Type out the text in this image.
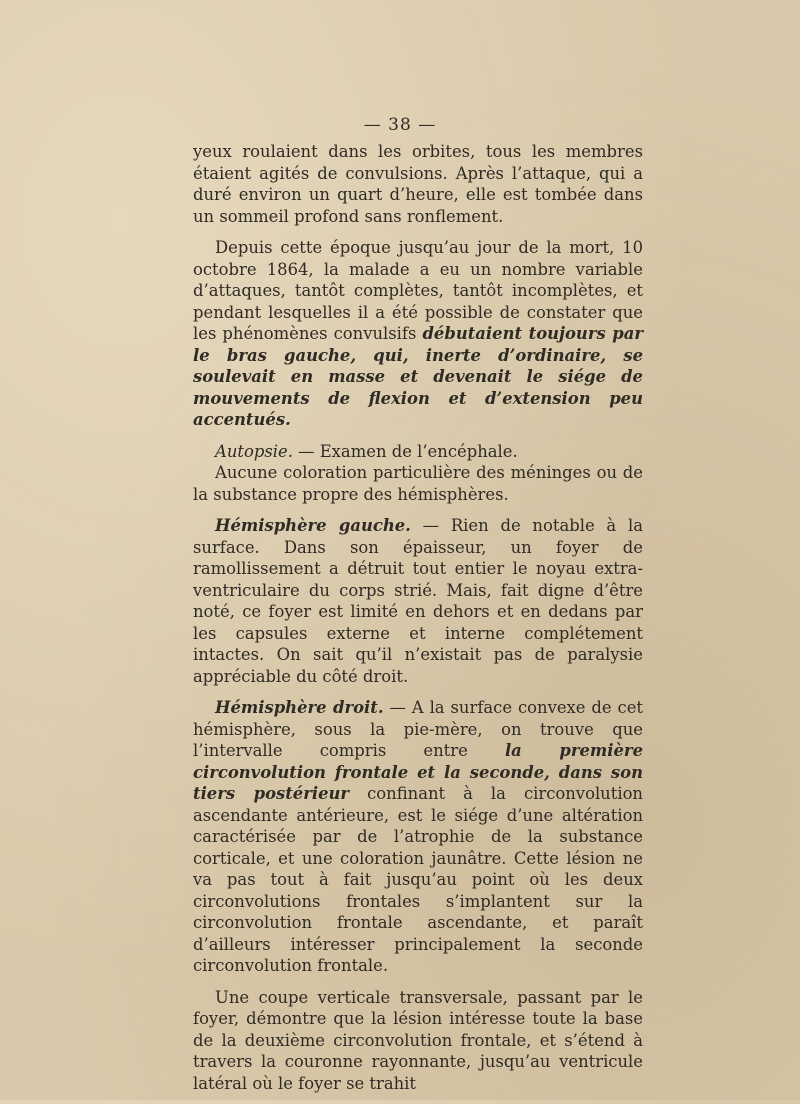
— 38 —

yeux roulaient dans les orbites, tous les membres étaient agités de convulsions. Après l’attaque, qui a duré environ un quart d’heure, elle est tombée dans un sommeil profond sans ronflement.

Depuis cette époque jusqu’au jour de la mort, 10 octobre 1864, la malade a eu un nombre variable d’attaques, tantôt complètes, tantôt incomplètes, et pendant lesquelles il a été possible de constater que les phénomènes convulsifs débutaient toujours par le bras gauche, qui, inerte d’ordinaire, se soulevait en masse et devenait le siége de mouvements de flexion et d’extension peu accentués.

Autopsie. — Examen de l’encéphale.

Aucune coloration particulière des méninges ou de la substance propre des hémisphères.

Hémisphère gauche. — Rien de notable à la surface. Dans son épaisseur, un foyer de ramollissement a détruit tout entier le noyau extra-ventriculaire du corps strié. Mais, fait digne d’être noté, ce foyer est limité en dehors et en dedans par les capsules externe et interne complétement intactes. On sait qu’il n’existait pas de paralysie appréciable du côté droit.

Hémisphère droit. — A la surface convexe de cet hémisphère, sous la pie-mère, on trouve que l’intervalle compris entre la première circonvolution frontale et la seconde, dans son tiers postérieur confinant à la circonvolution ascendante antérieure, est le siége d’une altération caractérisée par de l’atrophie de la substance corticale, et une coloration jaunâtre. Cette lésion ne va pas tout à fait jusqu’au point où les deux circonvolutions frontales s’implantent sur la circonvolution frontale ascendante, et paraît d’ailleurs intéresser principalement la seconde circonvolution frontale.

Une coupe verticale transversale, passant par le foyer, démontre que la lésion intéresse toute la base de la deuxième circonvolution frontale, et s’étend à travers la couronne rayonnante, jusqu’au ventricule latéral où le foyer se trahit
